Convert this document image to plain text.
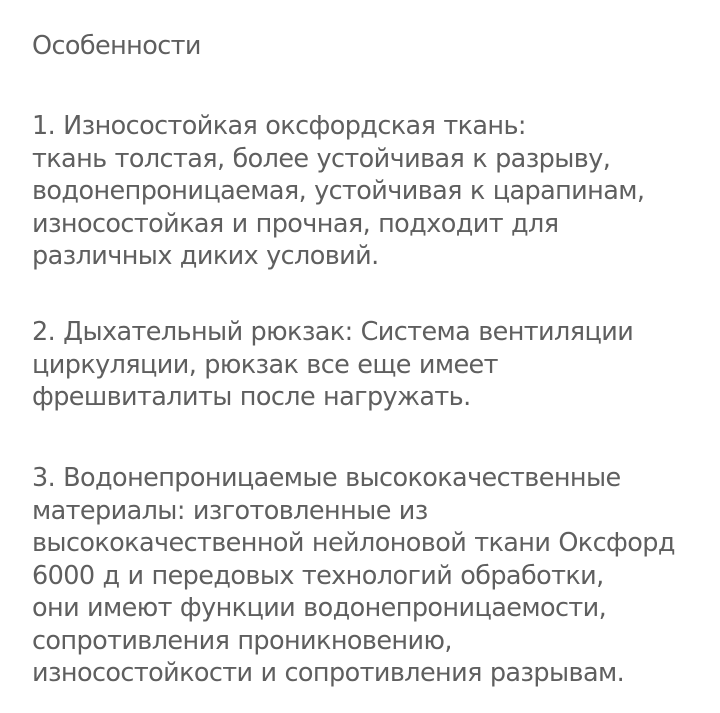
Особенности
1. Износостойкая оксфордская ткань:
ткань толстая, более устойчивая к разрыву,
водонепроницаемая, устойчивая к царапинам,
износостойкая и прочная, подходит для
различных диких условий.
2. Дыхательный рюкзак: Система вентиляции
циркуляции, рюкзак все еще имеет
фрешвиталиты после нагружать.
3. Водонепроницаемые высококачественные
материалы: изготовленные из
высококачественной нейлоновой ткани Оксфорд
6000 д и передовых технологий обработки,
они имеют функции водонепроницаемости,
сопротивления проникновению,
износостойкости и сопротивления разрывам.
